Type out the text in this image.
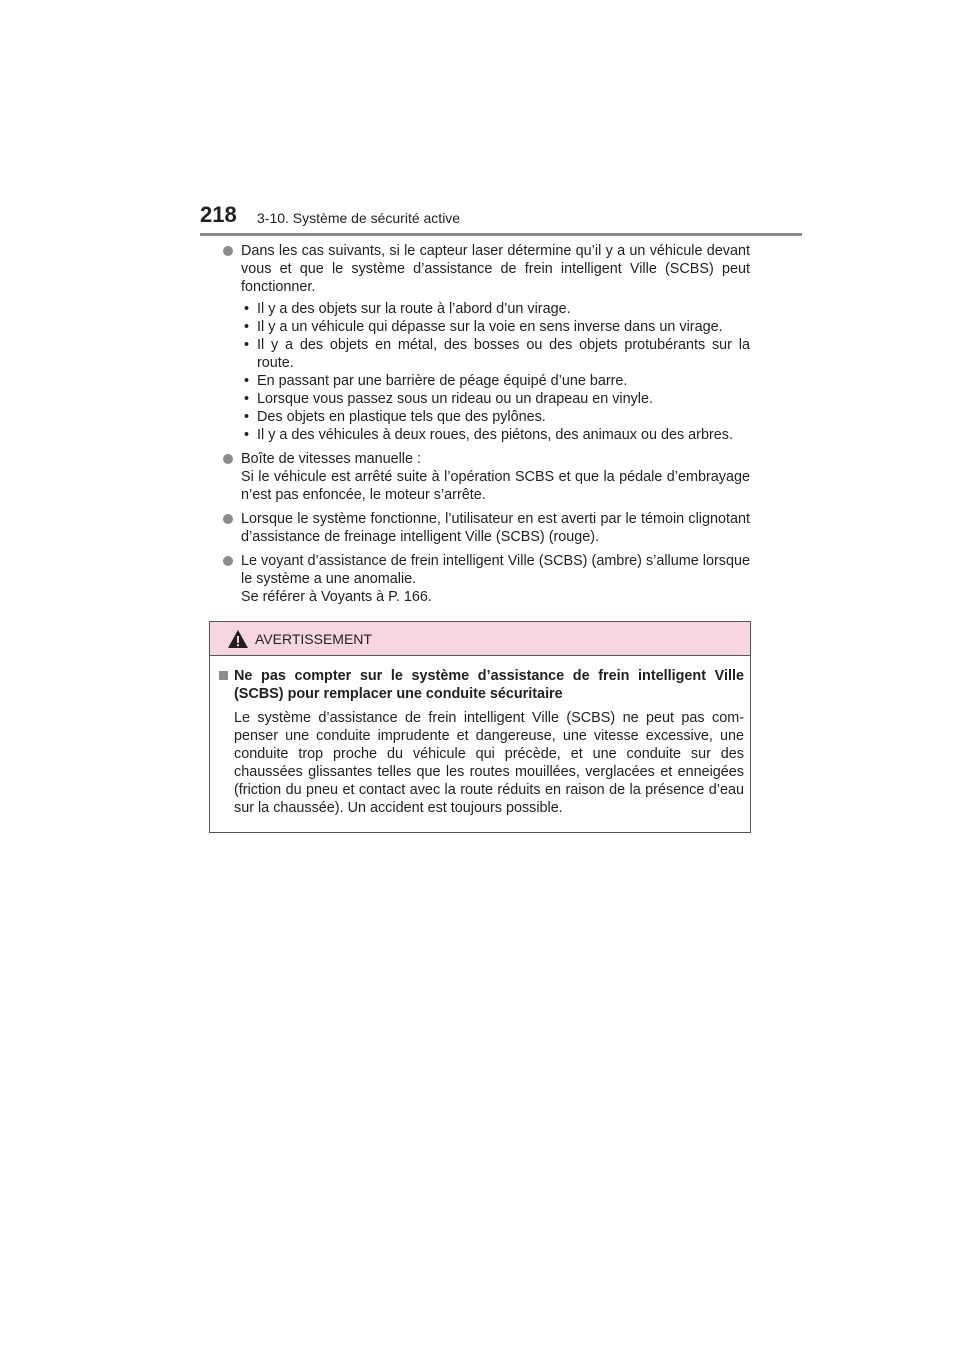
218 3-10. Système de sécurité active
Dans les cas suivants, si le capteur laser détermine qu’il y a un véhicule devant vous et que le système d’assistance de frein intelligent Ville (SCBS) peut fonctionner.
• Il y a des objets sur la route à l’abord d’un virage.
• Il y a un véhicule qui dépasse sur la voie en sens inverse dans un virage.
• Il y a des objets en métal, des bosses ou des objets protubérants sur la route.
• En passant par une barrière de péage équipé d’une barre.
• Lorsque vous passez sous un rideau ou un drapeau en vinyle.
• Des objets en plastique tels que des pylônes.
• Il y a des véhicules à deux roues, des piétons, des animaux ou des arbres.
Boîte de vitesses manuelle :
Si le véhicule est arrêté suite à l’opération SCBS et que la pédale d’embrayage n’est pas enfoncée, le moteur s’arrête.
Lorsque le système fonctionne, l’utilisateur en est averti par le témoin clignotant d’assistance de freinage intelligent Ville (SCBS) (rouge).
Le voyant d’assistance de frein intelligent Ville (SCBS) (ambre) s’allume lorsque le système a une anomalie.
Se référer à Voyants à P. 166.
AVERTISSEMENT
Ne pas compter sur le système d’assistance de frein intelligent Ville (SCBS) pour remplacer une conduite sécuritaire
Le système d’assistance de frein intelligent Ville (SCBS) ne peut pas compenser une conduite imprudente et dangereuse, une vitesse excessive, une conduite trop proche du véhicule qui précède, et une conduite sur des chaussées glissantes telles que les routes mouillées, verglacées et enneigées (friction du pneu et contact avec la route réduits en raison de la présence d’eau sur la chaussée). Un accident est toujours possible.
